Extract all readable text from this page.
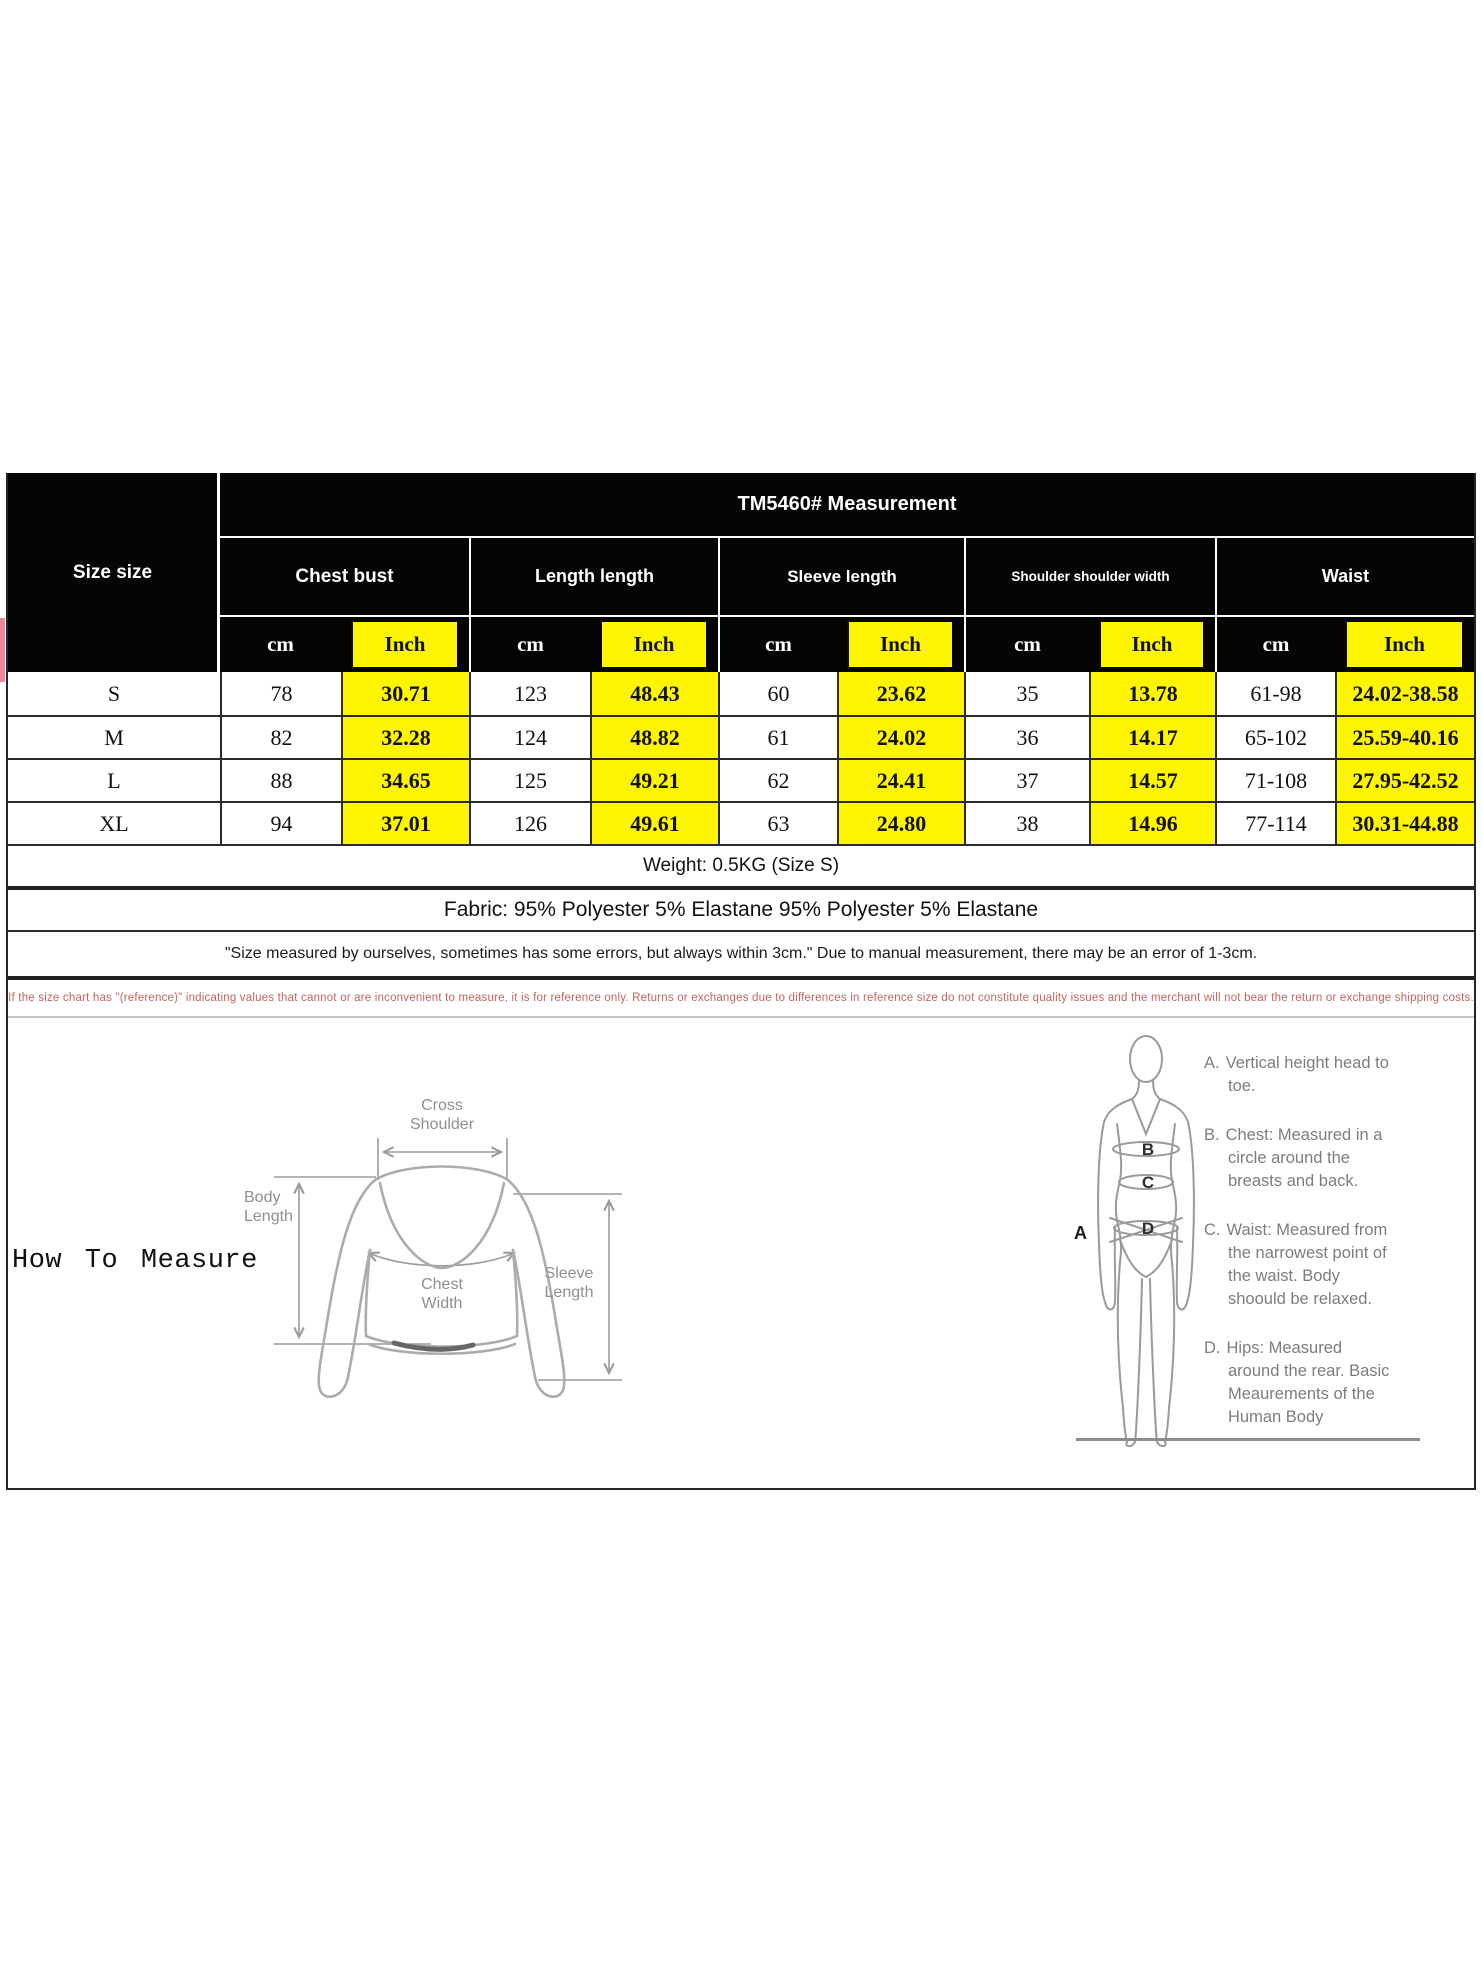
Size size
TM5460# Measurement
Chest bust	Length length	Sleeve length	Shoulder shoulder width	Waist
cm	Inch	cm	Inch	cm	Inch	cm	Inch	cm	Inch
S	78	30.71	123	48.43	60	23.62	35	13.78	61-98	24.02-38.58
M	82	32.28	124	48.82	61	24.02	36	14.17	65-102	25.59-40.16
L	88	34.65	125	49.21	62	24.41	37	14.57	71-108	27.95-42.52
XL	94	37.01	126	49.61	63	24.80	38	14.96	77-114	30.31-44.88
Weight: 0.5KG (Size S)
Fabric: 95% Polyester 5% Elastane 95% Polyester 5% Elastane
"Size measured by ourselves, sometimes has some errors, but always within 3cm." Due to manual measurement, there may be an error of 1-3cm.
If the size chart has "(reference)" indicating values that cannot or are inconvenient to measure, it is for reference only. Returns or exchanges due to differences in reference size do not constitute quality issues and the merchant will not bear the return or exchange shipping costs.
How To Measure
Cross
Shoulder
Body
Length
Chest
Width
Sleeve
Length
A
B
C
D
A. Vertical height head to toe.
B. Chest: Measured in a circle around the breasts and back.
C. Waist: Measured from the narrowest point of the waist. Body shoould be relaxed.
D. Hips: Measured around the rear. Basic Meaurements of the Human Body
